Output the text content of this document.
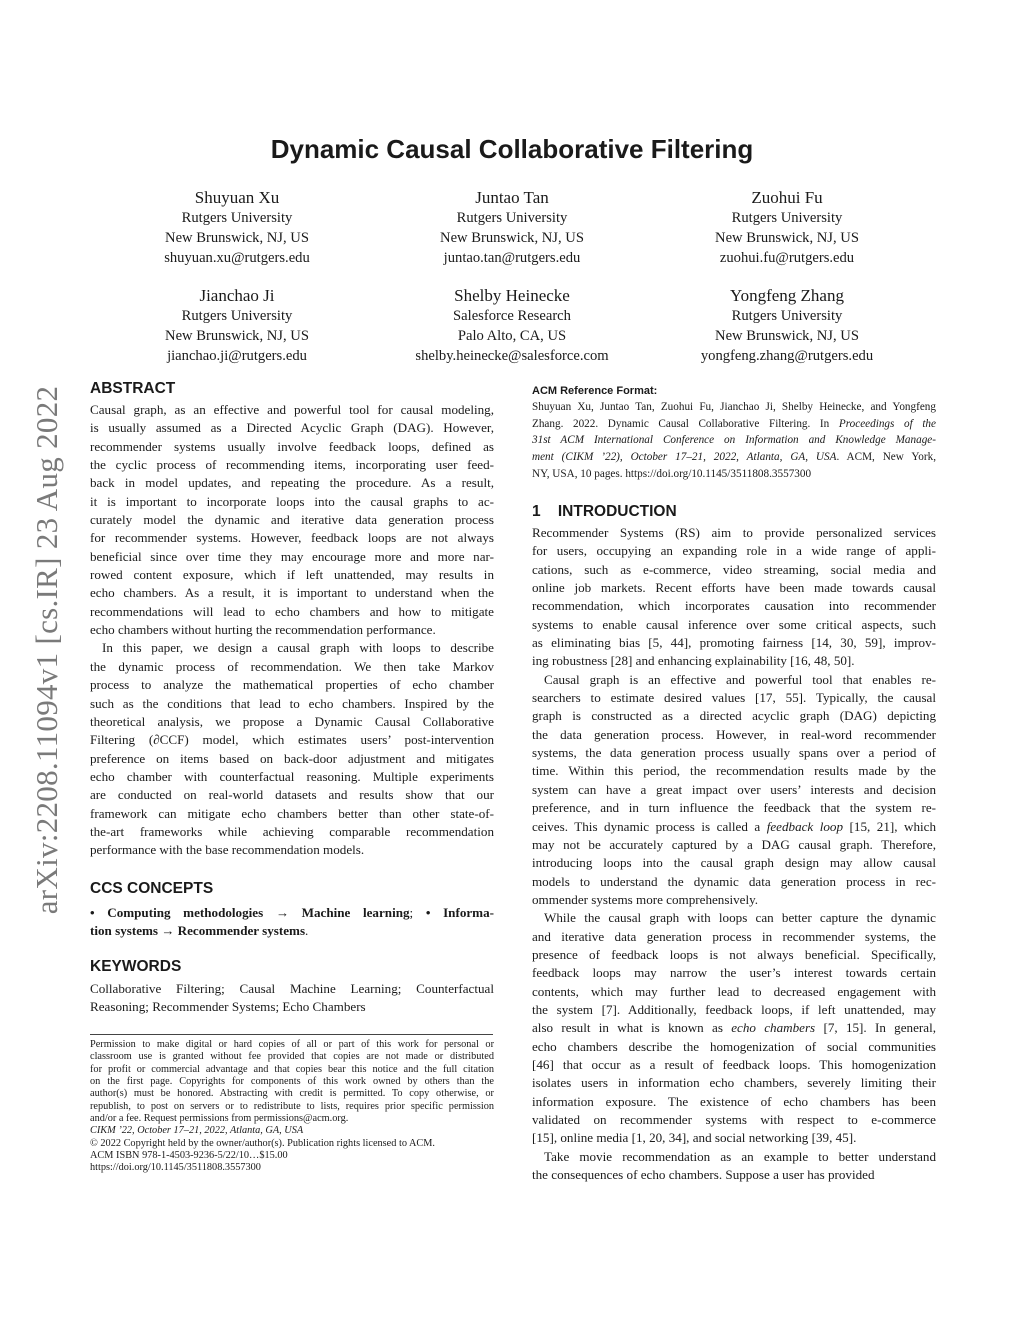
Dynamic Causal Collaborative Filtering
arXiv:2208.11094v1 [cs.IR] 23 Aug 2022
Shuyuan Xu
Rutgers University
New Brunswick, NJ, US
shuyuan.xu@rutgers.edu
Juntao Tan
Rutgers University
New Brunswick, NJ, US
juntao.tan@rutgers.edu
Zuohui Fu
Rutgers University
New Brunswick, NJ, US
zuohui.fu@rutgers.edu
Jianchao Ji
Rutgers University
New Brunswick, NJ, US
jianchao.ji@rutgers.edu
Shelby Heinecke
Salesforce Research
Palo Alto, CA, US
shelby.heinecke@salesforce.com
Yongfeng Zhang
Rutgers University
New Brunswick, NJ, US
yongfeng.zhang@rutgers.edu
ABSTRACT
Causal graph, as an effective and powerful tool for causal modeling,
is usually assumed as a Directed Acyclic Graph (DAG). However,
recommender systems usually involve feedback loops, defined as
the cyclic process of recommending items, incorporating user feed-
back in model updates, and repeating the procedure. As a result,
it is important to incorporate loops into the causal graphs to ac-
curately model the dynamic and iterative data generation process
for recommender systems. However, feedback loops are not always
beneficial since over time they may encourage more and more nar-
rowed content exposure, which if left unattended, may results in
echo chambers. As a result, it is important to understand when the
recommendations will lead to echo chambers and how to mitigate
echo chambers without hurting the recommendation performance.
In this paper, we design a causal graph with loops to describe
the dynamic process of recommendation. We then take Markov
process to analyze the mathematical properties of echo chamber
such as the conditions that lead to echo chambers. Inspired by the
theoretical analysis, we propose a Dynamic Causal Collaborative
Filtering (∂CCF) model, which estimates users’ post-intervention
preference on items based on back-door adjustment and mitigates
echo chamber with counterfactual reasoning. Multiple experiments
are conducted on real-world datasets and results show that our
framework can mitigate echo chambers better than other state-of-
the-art frameworks while achieving comparable recommendation
performance with the base recommendation models.
CCS CONCEPTS
• Computing methodologies → Machine learning; • Informa-
tion systems → Recommender systems.
KEYWORDS
Collaborative Filtering; Causal Machine Learning; Counterfactual
Reasoning; Recommender Systems; Echo Chambers
Permission to make digital or hard copies of all or part of this work for personal or
classroom use is granted without fee provided that copies are not made or distributed
for profit or commercial advantage and that copies bear this notice and the full citation
on the first page. Copyrights for components of this work owned by others than the
author(s) must be honored. Abstracting with credit is permitted. To copy otherwise, or
republish, to post on servers or to redistribute to lists, requires prior specific permission
and/or a fee. Request permissions from permissions@acm.org.
CIKM ’22, October 17–21, 2022, Atlanta, GA, USA
© 2022 Copyright held by the owner/author(s). Publication rights licensed to ACM.
ACM ISBN 978-1-4503-9236-5/22/10…$15.00
https://doi.org/10.1145/3511808.3557300
ACM Reference Format:
Shuyuan Xu, Juntao Tan, Zuohui Fu, Jianchao Ji, Shelby Heinecke, and Yongfeng
Zhang. 2022. Dynamic Causal Collaborative Filtering. In Proceedings of the
31st ACM International Conference on Information and Knowledge Manage-
ment (CIKM ’22), October 17–21, 2022, Atlanta, GA, USA. ACM, New York,
NY, USA, 10 pages. https://doi.org/10.1145/3511808.3557300
1    INTRODUCTION
Recommender Systems (RS) aim to provide personalized services
for users, occupying an expanding role in a wide range of appli-
cations, such as e-commerce, video streaming, social media and
online job markets. Recent efforts have been made towards causal
recommendation, which incorporates causation into recommender
systems to enable causal inference over some critical aspects, such
as eliminating bias [5, 44], promoting fairness [14, 30, 59], improv-
ing robustness [28] and enhancing explainability [16, 48, 50].
Causal graph is an effective and powerful tool that enables re-
searchers to estimate desired values [17, 55]. Typically, the causal
graph is constructed as a directed acyclic graph (DAG) depicting
the data generation process. However, in real-word recommender
systems, the data generation process usually spans over a period of
time. Within this period, the recommendation results made by the
system can have a great impact over users’ interests and decision
preference, and in turn influence the feedback that the system re-
ceives. This dynamic process is called a feedback loop [15, 21], which
may not be accurately captured by a DAG causal graph. Therefore,
introducing loops into the causal graph design may allow causal
models to understand the dynamic data generation process in rec-
ommender systems more comprehensively.
While the causal graph with loops can better capture the dynamic
and iterative data generation process in recommender systems, the
presence of feedback loops is not always beneficial. Specifically,
feedback loops may narrow the user’s interest towards certain
contents, which may further lead to decreased engagement with
the system [7]. Additionally, feedback loops, if left unattended, may
also result in what is known as echo chambers [7, 15]. In general,
echo chambers describe the homogenization of social communities
[46] that occur as a result of feedback loops. This homogenization
isolates users in information echo chambers, severely limiting their
information exposure. The existence of echo chambers has been
validated on recommender systems with respect to e-commerce
[15], online media [1, 20, 34], and social networking [39, 45].
Take movie recommendation as an example to better understand
the consequences of echo chambers. Suppose a user has provided
